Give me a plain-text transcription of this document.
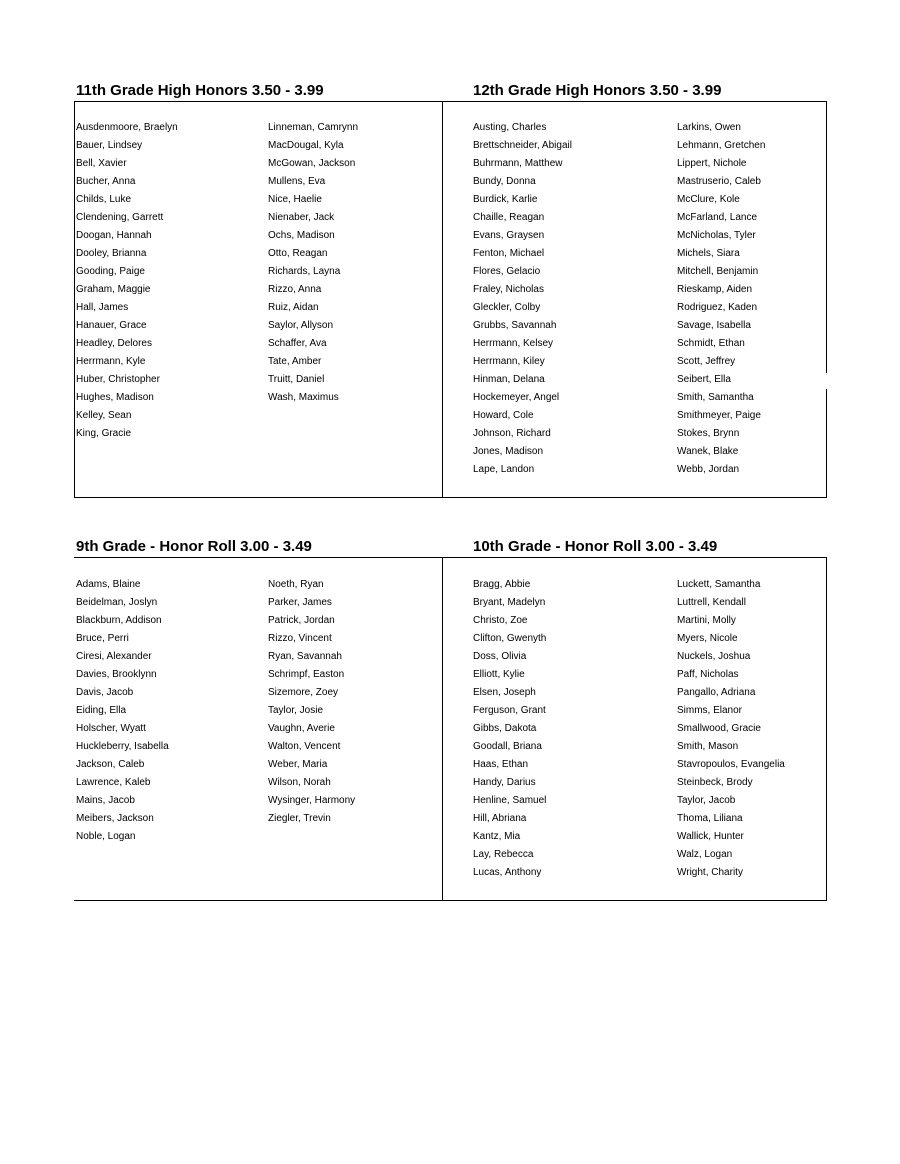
11th Grade High Honors 3.50 - 3.99
Ausdenmoore, Braelyn
Bauer, Lindsey
Bell, Xavier
Bucher, Anna
Childs, Luke
Clendening, Garrett
Doogan, Hannah
Dooley, Brianna
Gooding, Paige
Graham, Maggie
Hall, James
Hanauer, Grace
Headley, Delores
Herrmann, Kyle
Huber, Christopher
Hughes, Madison
Kelley, Sean
King, Gracie
Linneman, Camrynn
MacDougal, Kyla
McGowan, Jackson
Mullens, Eva
Nice, Haelie
Nienaber, Jack
Ochs, Madison
Otto, Reagan
Richards, Layna
Rizzo, Anna
Ruiz, Aidan
Saylor, Allyson
Schaffer, Ava
Tate, Amber
Truitt, Daniel
Wash, Maximus
12th Grade High Honors 3.50 - 3.99
Austing, Charles
Brettschneider, Abigail
Buhrmann, Matthew
Bundy, Donna
Burdick, Karlie
Chaille, Reagan
Evans, Graysen
Fenton, Michael
Flores, Gelacio
Fraley, Nicholas
Gleckler, Colby
Grubbs, Savannah
Herrmann, Kelsey
Herrmann, Kiley
Hinman, Delana
Hockemeyer, Angel
Howard, Cole
Johnson, Richard
Jones, Madison
Lape, Landon
Larkins, Owen
Lehmann, Gretchen
Lippert, Nichole
Mastruserio, Caleb
McClure, Kole
McFarland, Lance
McNicholas, Tyler
Michels, Siara
Mitchell, Benjamin
Rieskamp, Aiden
Rodriguez, Kaden
Savage, Isabella
Schmidt, Ethan
Scott, Jeffrey
Seibert, Ella
Smith, Samantha
Smithmeyer, Paige
Stokes, Brynn
Wanek, Blake
Webb, Jordan
9th Grade - Honor Roll 3.00 - 3.49
Adams, Blaine
Beidelman, Joslyn
Blackburn, Addison
Bruce, Perri
Ciresi, Alexander
Davies, Brooklynn
Davis, Jacob
Eiding, Ella
Holscher, Wyatt
Huckleberry, Isabella
Jackson, Caleb
Lawrence, Kaleb
Mains, Jacob
Meibers, Jackson
Noble, Logan
Noeth, Ryan
Parker, James
Patrick, Jordan
Rizzo, Vincent
Ryan, Savannah
Schrimpf, Easton
Sizemore, Zoey
Taylor, Josie
Vaughn, Averie
Walton, Vencent
Weber, Maria
Wilson, Norah
Wysinger, Harmony
Ziegler, Trevin
10th Grade - Honor Roll 3.00 - 3.49
Bragg, Abbie
Bryant, Madelyn
Christo, Zoe
Clifton, Gwenyth
Doss, Olivia
Elliott, Kylie
Elsen, Joseph
Ferguson, Grant
Gibbs, Dakota
Goodall, Briana
Haas, Ethan
Handy, Darius
Henline, Samuel
Hill, Abriana
Kantz, Mia
Lay, Rebecca
Lucas, Anthony
Luckett, Samantha
Luttrell, Kendall
Martini, Molly
Myers, Nicole
Nuckels, Joshua
Paff, Nicholas
Pangallo, Adriana
Simms, Elanor
Smallwood, Gracie
Smith, Mason
Stavropoulos, Evangelia
Steinbeck, Brody
Taylor, Jacob
Thoma, Liliana
Wallick, Hunter
Walz, Logan
Wright, Charity
